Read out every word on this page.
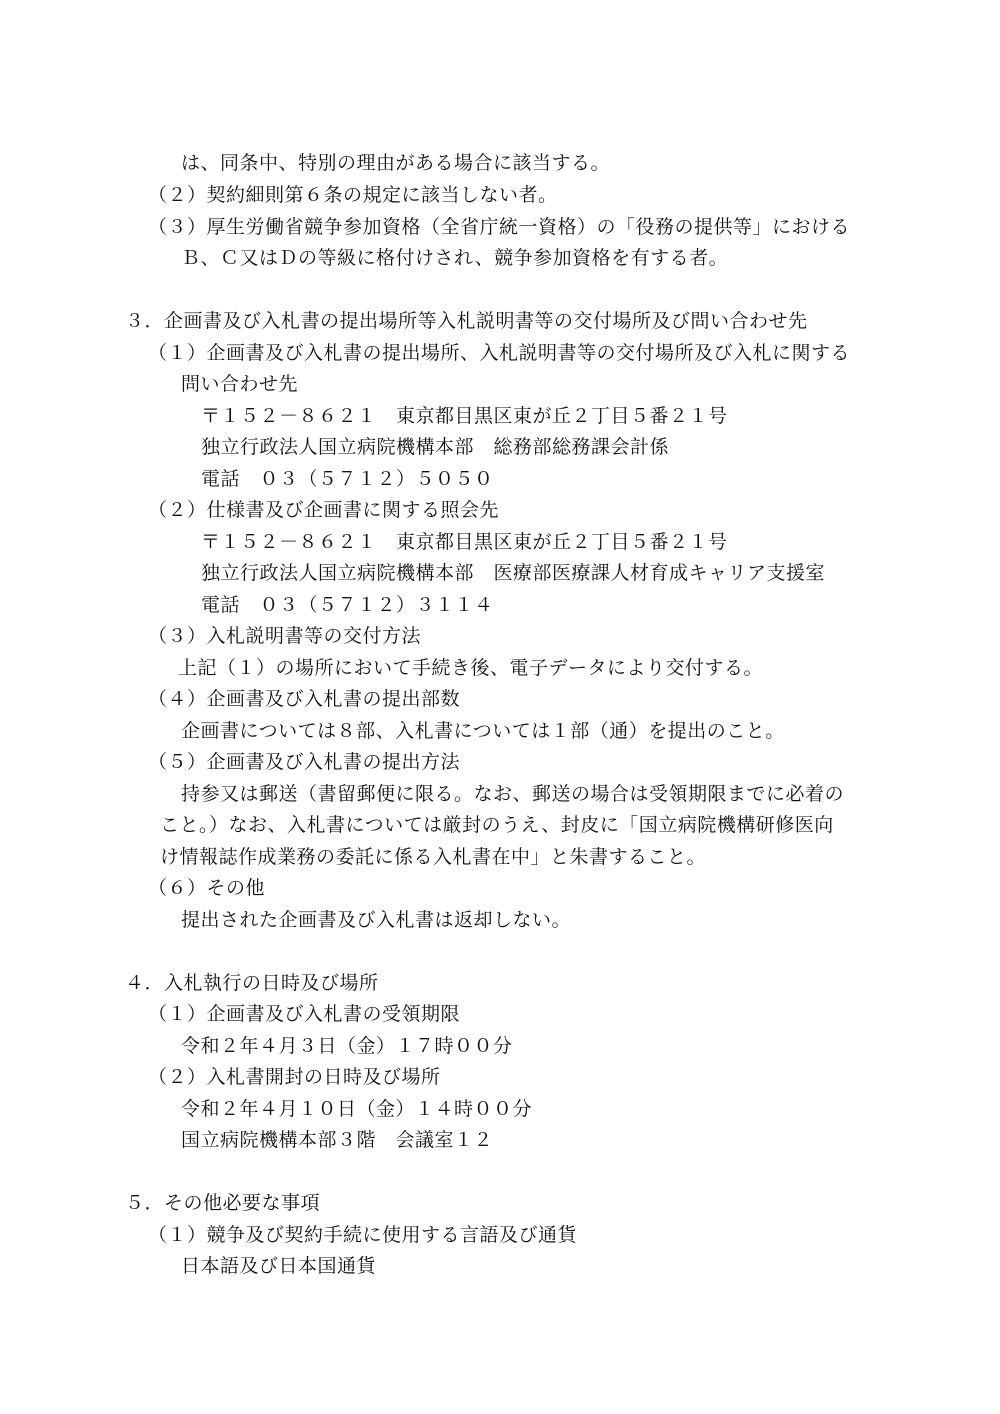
は、同条中、特別の理由がある場合に該当する。
（２）契約細則第６条の規定に該当しない者。
（３）厚生労働省競争参加資格（全省庁統一資格）の「役務の提供等」における
Ｂ、Ｃ又はＤの等級に格付けされ、競争参加資格を有する者。
３．企画書及び入札書の提出場所等入札説明書等の交付場所及び問い合わせ先
（１）企画書及び入札書の提出場所、入札説明書等の交付場所及び入札に関する
問い合わせ先
〒１５２－８６２１　東京都目黒区東が丘２丁目５番２１号
独立行政法人国立病院機構本部　総務部総務課会計係
電話　０３（５７１２）５０５０
（２）仕様書及び企画書に関する照会先
〒１５２－８６２１　東京都目黒区東が丘２丁目５番２１号
独立行政法人国立病院機構本部　医療部医療課人材育成キャリア支援室
電話　０３（５７１２）３１１４
（３）入札説明書等の交付方法
上記（１）の場所において手続き後、電子データにより交付する。
（４）企画書及び入札書の提出部数
企画書については８部、入札書については１部（通）を提出のこと。
（５）企画書及び入札書の提出方法
持参又は郵送（書留郵便に限る。なお、郵送の場合は受領期限までに必着の
こと。）なお、入札書については厳封のうえ、封皮に「国立病院機構研修医向
け情報誌作成業務の委託に係る入札書在中」と朱書すること。
（６）その他
提出された企画書及び入札書は返却しない。
４．入札執行の日時及び場所
（１）企画書及び入札書の受領期限
令和２年４月３日（金）１７時００分
（２）入札書開封の日時及び場所
令和２年４月１０日（金）１４時００分
国立病院機構本部３階　会議室１２
５．その他必要な事項
（１）競争及び契約手続に使用する言語及び通貨
日本語及び日本国通貨
